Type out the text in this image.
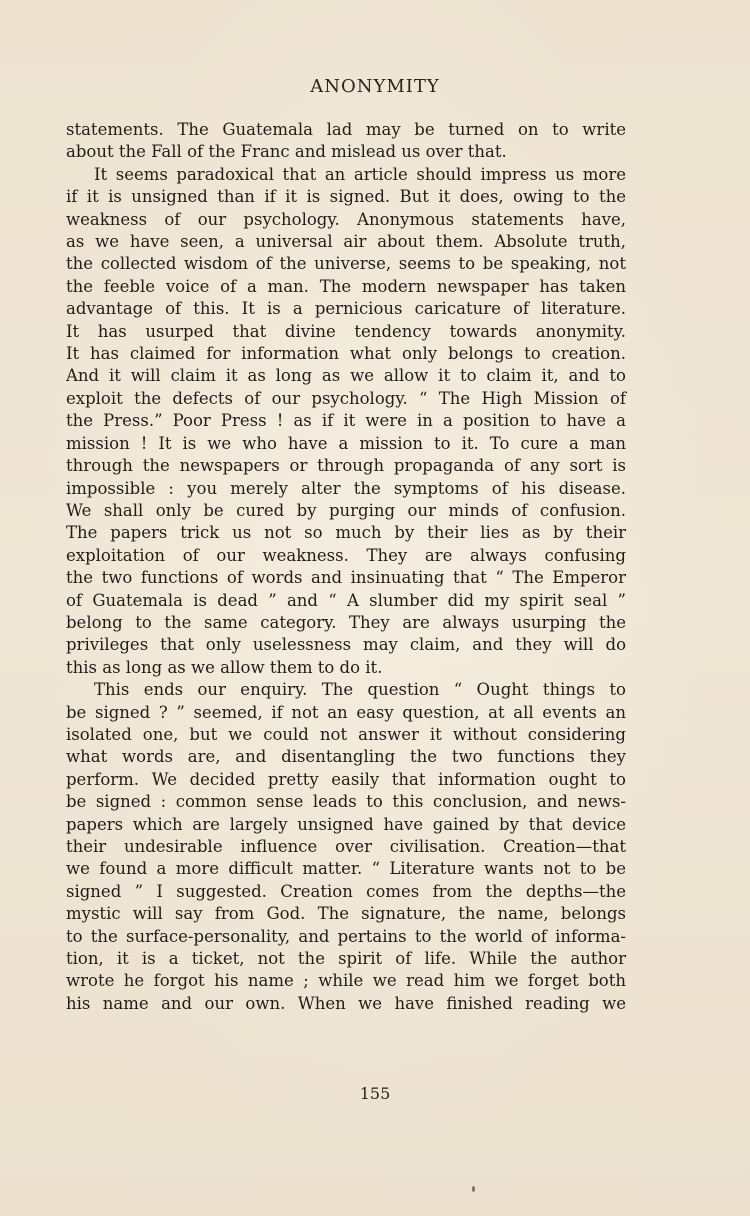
ANONYMITY
statements. The Guatemala lad may be turned on to write
about the Fall of the Franc and mislead us over that.
It seems paradoxical that an article should impress us more
if it is unsigned than if it is signed. But it does, owing to the
weakness of our psychology. Anonymous statements have,
as we have seen, a universal air about them. Absolute truth,
the collected wisdom of the universe, seems to be speaking, not
the feeble voice of a man. The modern newspaper has taken
advantage of this. It is a pernicious caricature of literature.
It has usurped that divine tendency towards anonymity.
It has claimed for information what only belongs to creation.
And it will claim it as long as we allow it to claim it, and to
exploit the defects of our psychology. “ The High Mission of
the Press.” Poor Press ! as if it were in a position to have a
mission ! It is we who have a mission to it. To cure a man
through the newspapers or through propaganda of any sort is
impossible : you merely alter the symptoms of his disease.
We shall only be cured by purging our minds of confusion.
The papers trick us not so much by their lies as by their
exploitation of our weakness. They are always confusing
the two functions of words and insinuating that “ The Emperor
of Guatemala is dead ” and “ A slumber did my spirit seal ”
belong to the same category. They are always usurping the
privileges that only uselessness may claim, and they will do
this as long as we allow them to do it.
This ends our enquiry. The question “ Ought things to
be signed ? ” seemed, if not an easy question, at all events an
isolated one, but we could not answer it without considering
what words are, and disentangling the two functions they
perform. We decided pretty easily that information ought to
be signed : common sense leads to this conclusion, and news-
papers which are largely unsigned have gained by that device
their undesirable influence over civilisation. Creation—that
we found a more difficult matter. “ Literature wants not to be
signed ” I suggested. Creation comes from the depths—the
mystic will say from God. The signature, the name, belongs
to the surface-personality, and pertains to the world of informa-
tion, it is a ticket, not the spirit of life. While the author
wrote he forgot his name ; while we read him we forget both
his name and our own. When we have finished reading we
155
